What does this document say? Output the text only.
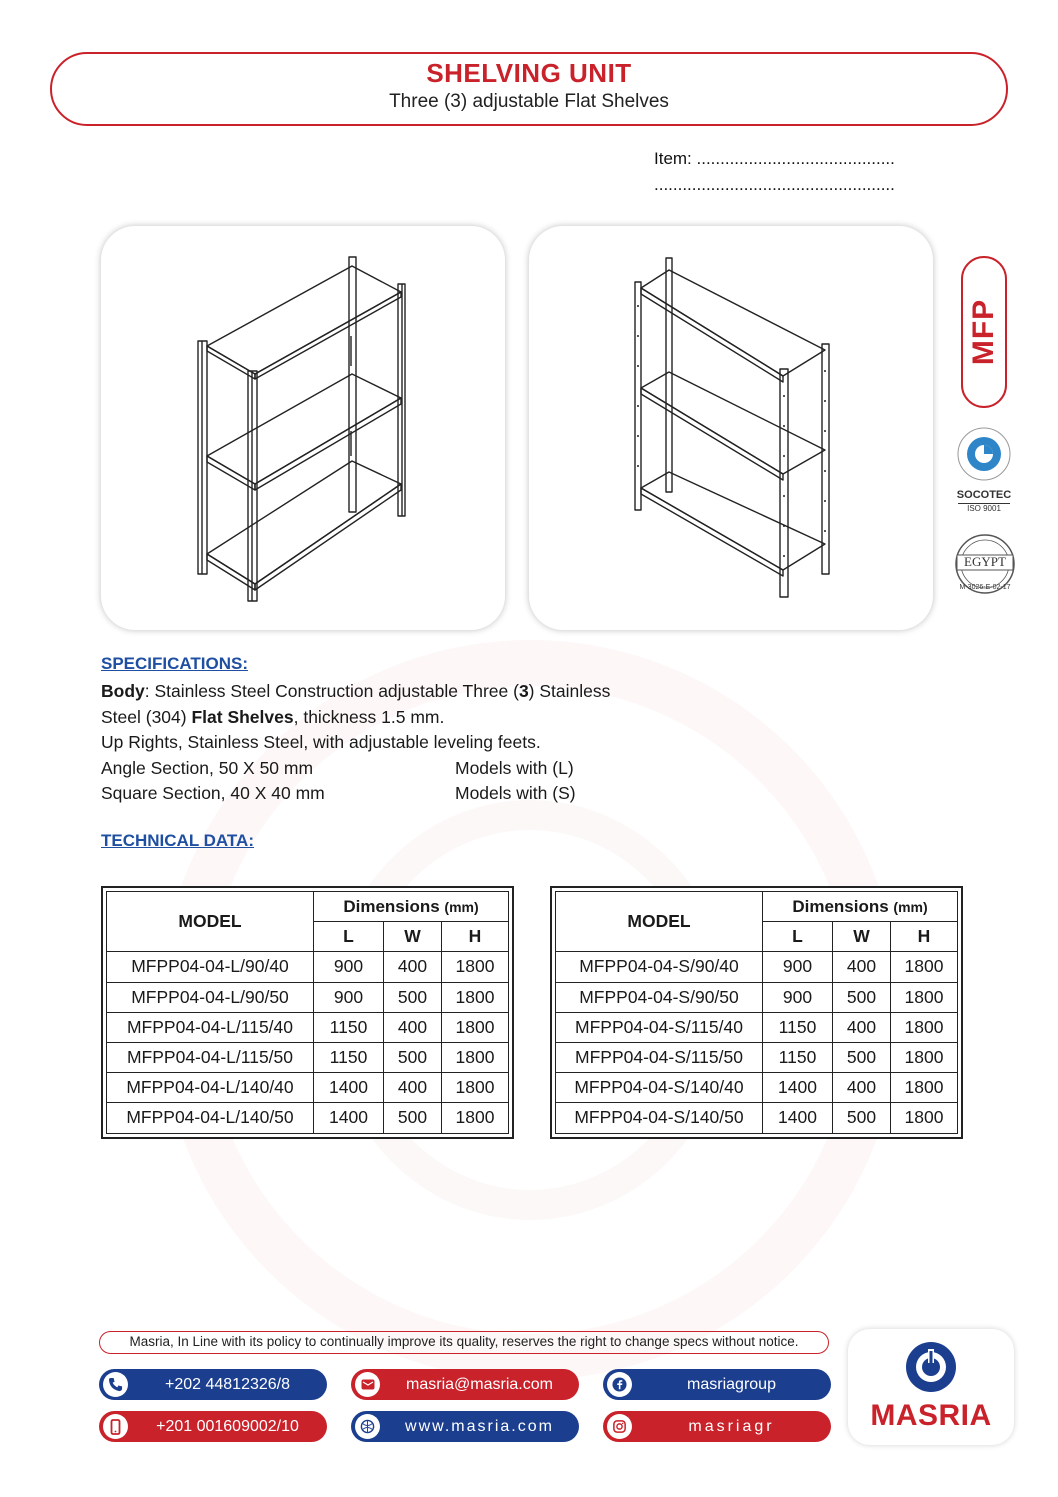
SHELVING UNIT
Three (3) adjustable Flat Shelves
Item: ..........................................
...................................................
MFP
SOCOTEC
ISO 9001
EGYPT
M-3026-E-02-17
SPECIFICATIONS:
Body: Stainless Steel Construction adjustable Three (3) Stainless
Steel (304) Flat Shelves, thickness 1.5 mm.
Up Rights, Stainless Steel, with adjustable leveling feets.
Angle Section, 50 X 50 mm	Models with (L)
Square Section, 40 X 40 mm	Models with (S)
TECHNICAL DATA:
MODEL	Dimensions (mm)		
	L	W	H
MFPP04-04-L/90/40	900	400	1800
MFPP04-04-L/90/50	900	500	1800
MFPP04-04-L/115/40	1150	400	1800
MFPP04-04-L/115/50	1150	500	1800
MFPP04-04-L/140/40	1400	400	1800
MFPP04-04-L/140/50	1400	500	1800
MODEL	Dimensions (mm)		
	L	W	H
MFPP04-04-S/90/40	900	400	1800
MFPP04-04-S/90/50	900	500	1800
MFPP04-04-S/115/40	1150	400	1800
MFPP04-04-S/115/50	1150	500	1800
MFPP04-04-S/140/40	1400	400	1800
MFPP04-04-S/140/50	1400	500	1800
Masria, In Line with its policy to continually improve its quality, reserves the right to change specs without notice.
+202 44812326/8
+201 001609002/10
masria@masria.com
www.masria.com
masriagroup
masriagr	MASRIA
